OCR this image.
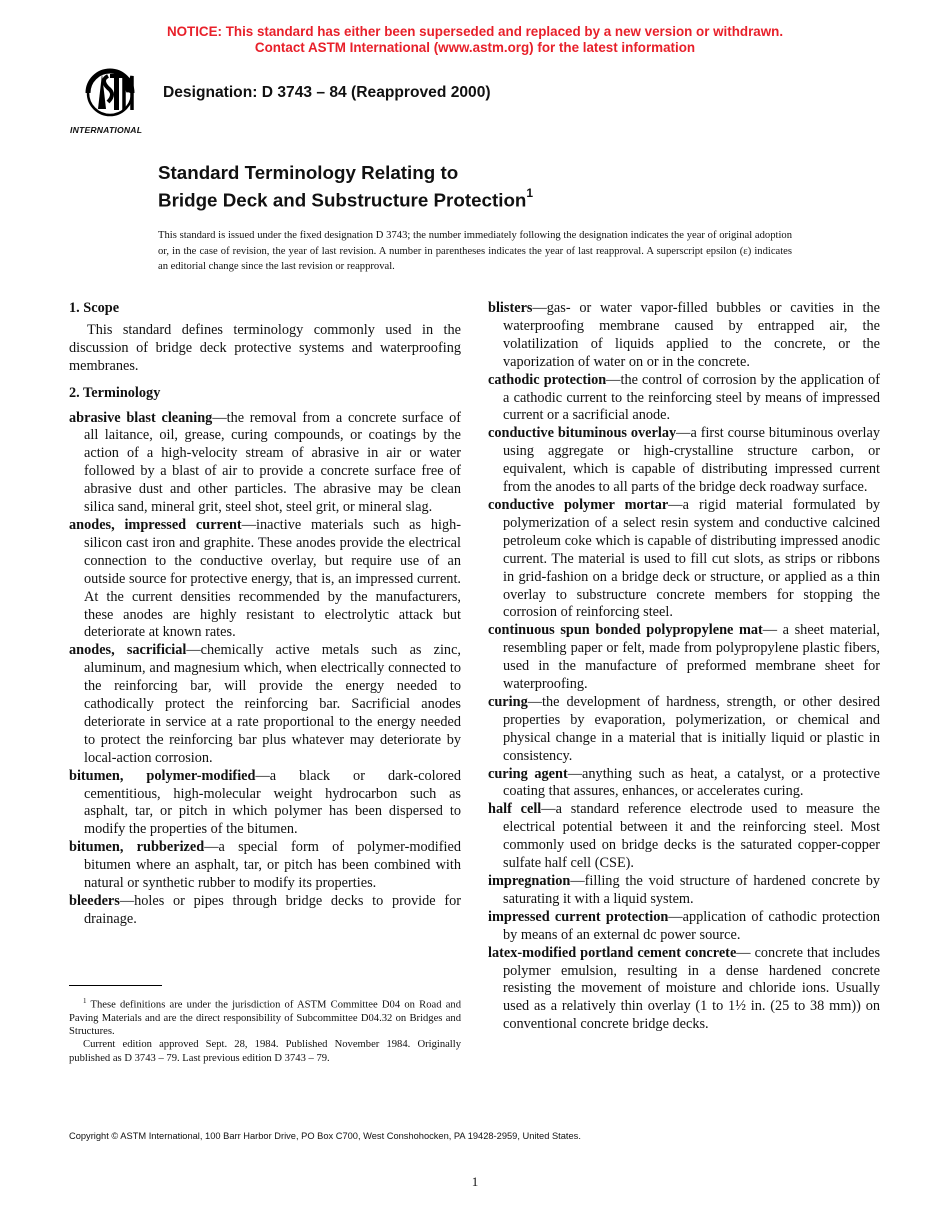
NOTICE: This standard has either been superseded and replaced by a new version or withdrawn.
Contact ASTM International (www.astm.org) for the latest information
INTERNATIONAL
Designation: D 3743 – 84 (Reapproved 2000)
Standard Terminology Relating to
Bridge Deck and Substructure Protection$^1$
This standard is issued under the fixed designation D 3743; the number immediately following the designation indicates the year of original adoption or, in the case of revision, the year of last revision. A number in parentheses indicates the year of last reapproval. A superscript epsilon (ε) indicates an editorial change since the last revision or reapproval.
1. Scope

This standard defines terminology commonly used in the discussion of bridge deck protective systems and waterproofing membranes.

2. Terminology

abrasive blast cleaning—the removal from a concrete surface of all laitance, oil, grease, curing compounds, or coatings by the action of a high-velocity stream of abrasive in air or water followed by a blast of air to provide a concrete surface free of abrasive dust and other particles. The abrasive may be clean silica sand, mineral grit, steel shot, steel grit, or mineral slag.

anodes, impressed current—inactive materials such as high-silicon cast iron and graphite. These anodes provide the electrical connection to the conductive overlay, but require use of an outside source for protective energy, that is, an impressed current. At the current densities recommended by the manufacturers, these anodes are highly resistant to electrolytic attack but deteriorate at known rates.

anodes, sacrificial—chemically active metals such as zinc, aluminum, and magnesium which, when electrically connected to the reinforcing bar, will provide the energy needed to cathodically protect the reinforcing bar. Sacrificial anodes deteriorate in service at a rate proportional to the energy needed to protect the reinforcing bar plus whatever may deteriorate by local-action corrosion.

bitumen, polymer-modified—a black or dark-colored cementitious, high-molecular weight hydrocarbon such as asphalt, tar, or pitch in which polymer has been dispersed to modify the properties of the bitumen.

bitumen, rubberized—a special form of polymer-modified bitumen where an asphalt, tar, or pitch has been combined with natural or synthetic rubber to modify its properties.

bleeders—holes or pipes through bridge decks to provide for drainage.

blisters—gas- or water vapor-filled bubbles or cavities in the waterproofing membrane caused by entrapped air, the volatilization of liquids applied to the concrete, or the vaporization of water on or in the concrete.

cathodic protection—the control of corrosion by the application of a cathodic current to the reinforcing steel by means of impressed current or a sacrificial anode.

conductive bituminous overlay—a first course bituminous overlay using aggregate or high-crystalline structure carbon, or equivalent, which is capable of distributing impressed current from the anodes to all parts of the bridge deck roadway surface.

conductive polymer mortar—a rigid material formulated by polymerization of a select resin system and conductive calcined petroleum coke which is capable of distributing impressed anodic current. The material is used to fill cut slots, as strips or ribbons in grid-fashion on a bridge deck or structure, or applied as a thin overlay to substructure concrete members for stopping the corrosion of reinforcing steel.

continuous spun bonded polypropylene mat— a sheet material, resembling paper or felt, made from polypropylene plastic fibers, used in the manufacture of preformed membrane sheet for waterproofing.

curing—the development of hardness, strength, or other desired properties by evaporation, polymerization, or chemical and physical change in a material that is initially liquid or plastic in consistency.

curing agent—anything such as heat, a catalyst, or a protective coating that assures, enhances, or accelerates curing.

half cell—a standard reference electrode used to measure the electrical potential between it and the reinforcing steel. Most commonly used on bridge decks is the saturated copper-copper sulfate half cell (CSE).

impregnation—filling the void structure of hardened concrete by saturating it with a liquid system.

impressed current protection—application of cathodic protection by means of an external dc power source.

latex-modified portland cement concrete— concrete that includes polymer emulsion, resulting in a dense hardened concrete resisting the movement of moisture and chloride ions. Usually used as a relatively thin overlay (1 to 1½ in. (25 to 38 mm)) on conventional concrete bridge decks.

$^1$ These definitions are under the jurisdiction of ASTM Committee D04 on Road and Paving Materials and are the direct responsibility of Subcommittee D04.32 on Bridges and Structures.

Current edition approved Sept. 28, 1984. Published November 1984. Originally published as D 3743 – 79. Last previous edition D 3743 – 79.

Copyright © ASTM International, 100 Barr Harbor Drive, PO Box C700, West Conshohocken, PA 19428-2959, United States.
1
